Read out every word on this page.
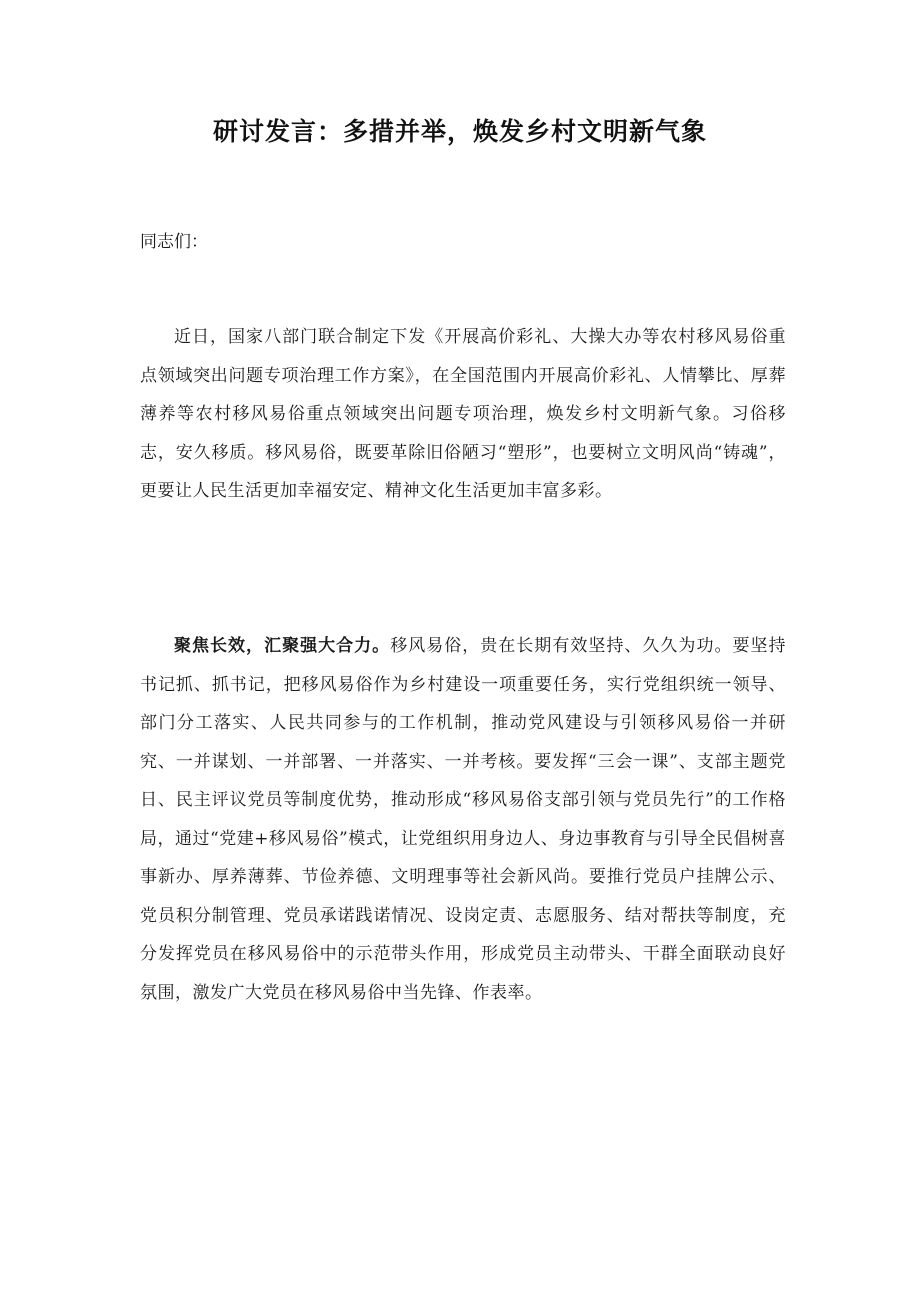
研讨发言：多措并举，焕发乡村文明新气象

同志们：

近日，国家八部门联合制定下发《开展高价彩礼、大操大办等农村移风易俗重点领域突出问题专项治理工作方案》，在全国范围内开展高价彩礼、人情攀比、厚葬薄养等农村移风易俗重点领域突出问题专项治理，焕发乡村文明新气象。习俗移志，安久移质。移风易俗，既要革除旧俗陋习“塑形”，也要树立文明风尚“铸魂”，更要让人民生活更加幸福安定、精神文化生活更加丰富多彩。

聚焦长效，汇聚强大合力。移风易俗，贵在长期有效坚持、久久为功。要坚持书记抓、抓书记，把移风易俗作为乡村建设一项重要任务，实行党组织统一领导、部门分工落实、人民共同参与的工作机制，推动党风建设与引领移风易俗一并研究、一并谋划、一并部署、一并落实、一并考核。要发挥“三会一课”、支部主题党日、民主评议党员等制度优势，推动形成“移风易俗支部引领与党员先行”的工作格局，通过“党建+移风易俗”模式，让党组织用身边人、身边事教育与引导全民倡树喜事新办、厚养薄葬、节俭养德、文明理事等社会新风尚。要推行党员户挂牌公示、党员积分制管理、党员承诺践诺情况、设岗定责、志愿服务、结对帮扶等制度，充分发挥党员在移风易俗中的示范带头作用，形成党员主动带头、干群全面联动良好氛围，激发广大党员在移风易俗中当先锋、作表率。
